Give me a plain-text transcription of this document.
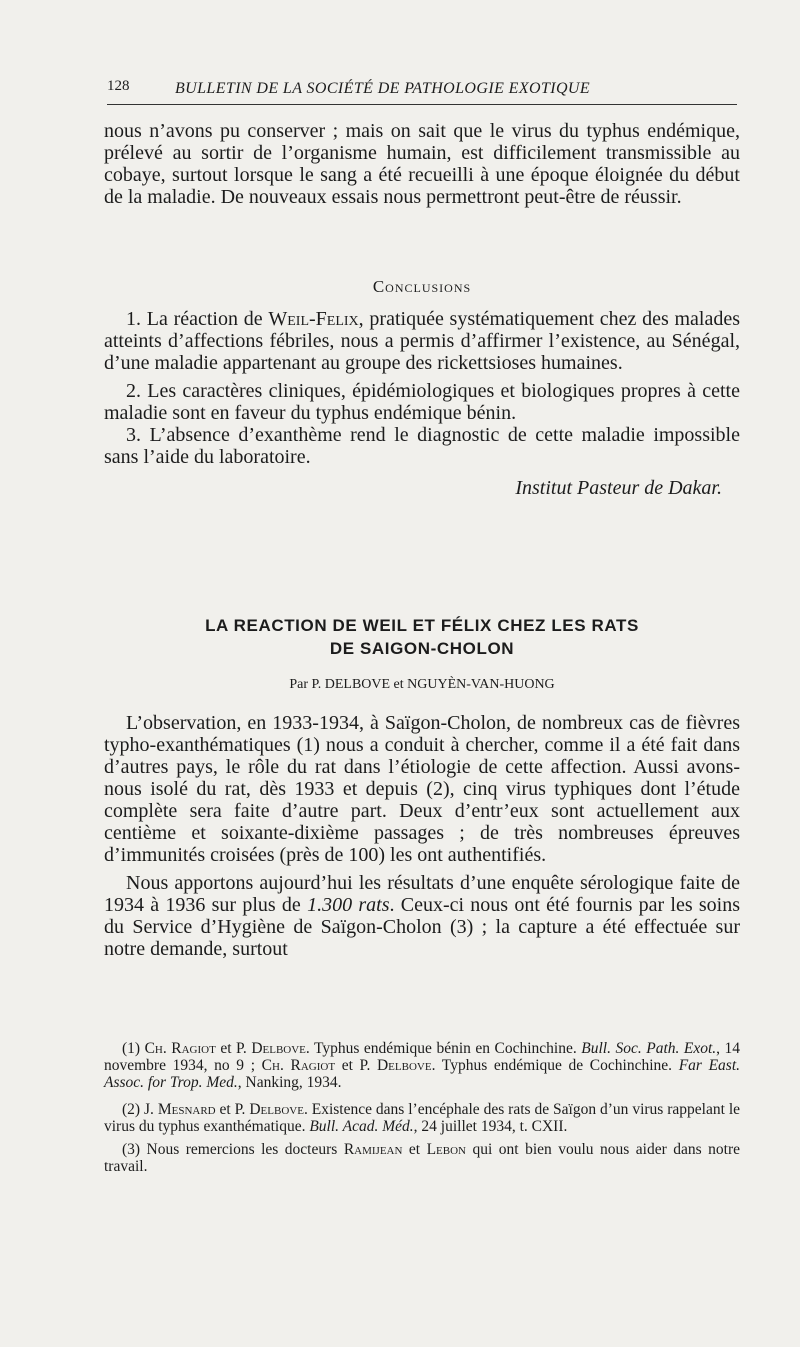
128	BULLETIN DE LA SOCIÉTÉ DE PATHOLOGIE EXOTIQUE

nous n’avons pu conserver ; mais on sait que le virus du typhus endémique, prélevé au sortir de l’organisme humain, est difficilement transmissible au cobaye, surtout lorsque le sang a été recueilli à une époque éloignée du début de la maladie. De nouveaux essais nous permettront peut-être de réussir.

Conclusions

1. La réaction de Weil-Felix, pratiquée systématiquement chez des malades atteints d’affections fébriles, nous a permis d’affirmer l’existence, au Sénégal, d’une maladie appartenant au groupe des rickettsioses humaines.

2. Les caractères cliniques, épidémiologiques et biologiques propres à cette maladie sont en faveur du typhus endémique bénin.

3. L’absence d’exanthème rend le diagnostic de cette maladie impossible sans l’aide du laboratoire.

Institut Pasteur de Dakar.

LA REACTION DE WEIL ET FÉLIX CHEZ LES RATS

DE SAIGON-CHOLON

Par P. DELBOVE et NGUYÈN-VAN-HUONG

L’observation, en 1933-1934, à Saïgon-Cholon, de nombreux cas de fièvres typho-exanthématiques (1) nous a conduit à chercher, comme il a été fait dans d’autres pays, le rôle du rat dans l’étiologie de cette affection. Aussi avons-nous isolé du rat, dès 1933 et depuis (2), cinq virus typhiques dont l’étude complète sera faite d’autre part. Deux d’entr’eux sont actuellement aux centième et soixante-dixième passages ; de très nombreuses épreuves d’immunités croisées (près de 100) les ont authentifiés.

Nous apportons aujourd’hui les résultats d’une enquête sérologique faite de 1934 à 1936 sur plus de 1.300 rats. Ceux-ci nous ont été fournis par les soins du Service d’Hygiène de Saïgon-Cholon (3) ; la capture a été effectuée sur notre demande, surtout

(1) Ch. Ragiot et P. Delbove. Typhus endémique bénin en Cochinchine. Bull. Soc. Path. Exot., 14 novembre 1934, no 9 ; Ch. Ragiot et P. Delbove. Typhus endémique de Cochinchine. Far East. Assoc. for Trop. Med., Nanking, 1934.

(2) J. Mesnard et P. Delbove. Existence dans l’encéphale des rats de Saïgon d’un virus rappelant le virus du typhus exanthématique. Bull. Acad. Méd., 24 juillet 1934, t. CXII.

(3) Nous remercions les docteurs Ramijean et Lebon qui ont bien voulu nous aider dans notre travail.
